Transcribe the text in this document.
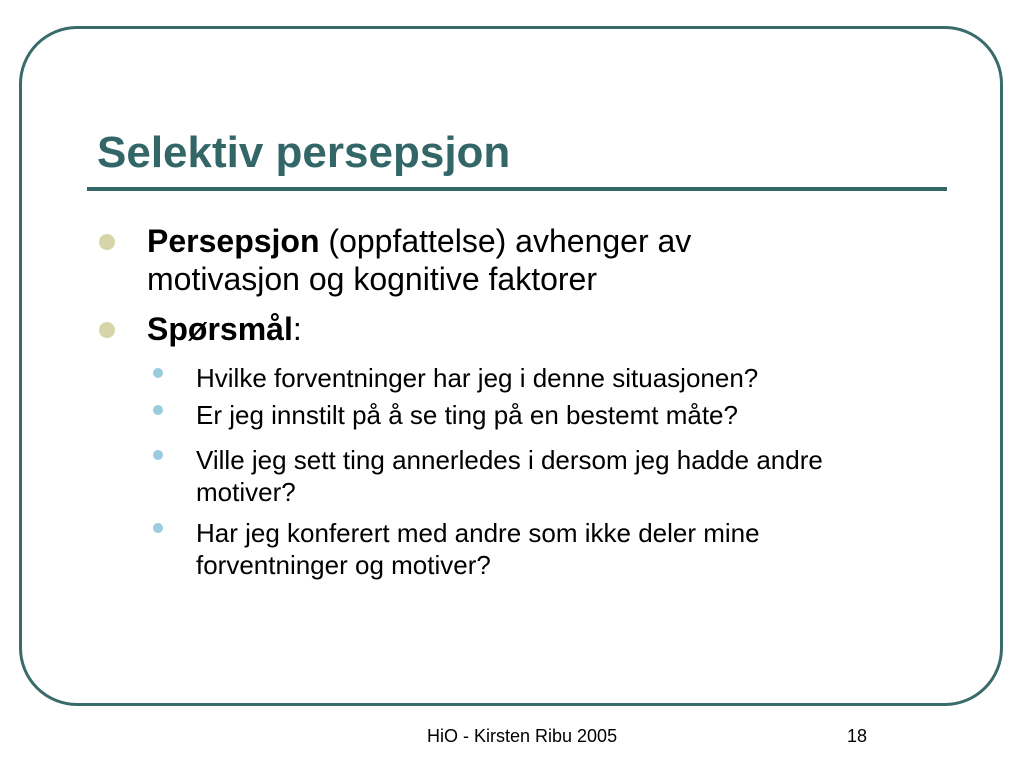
Selektiv persepsjon
Persepsjon (oppfattelse) avhenger av motivasjon og kognitive faktorer
Spørsmål:
Hvilke forventninger har jeg i denne situasjonen?
Er jeg innstilt på å se ting på en bestemt måte?
Ville jeg sett ting annerledes i dersom jeg hadde andre motiver?
Har jeg konferert med andre som ikke deler mine forventninger og motiver?
HiO - Kirsten Ribu 2005	18
